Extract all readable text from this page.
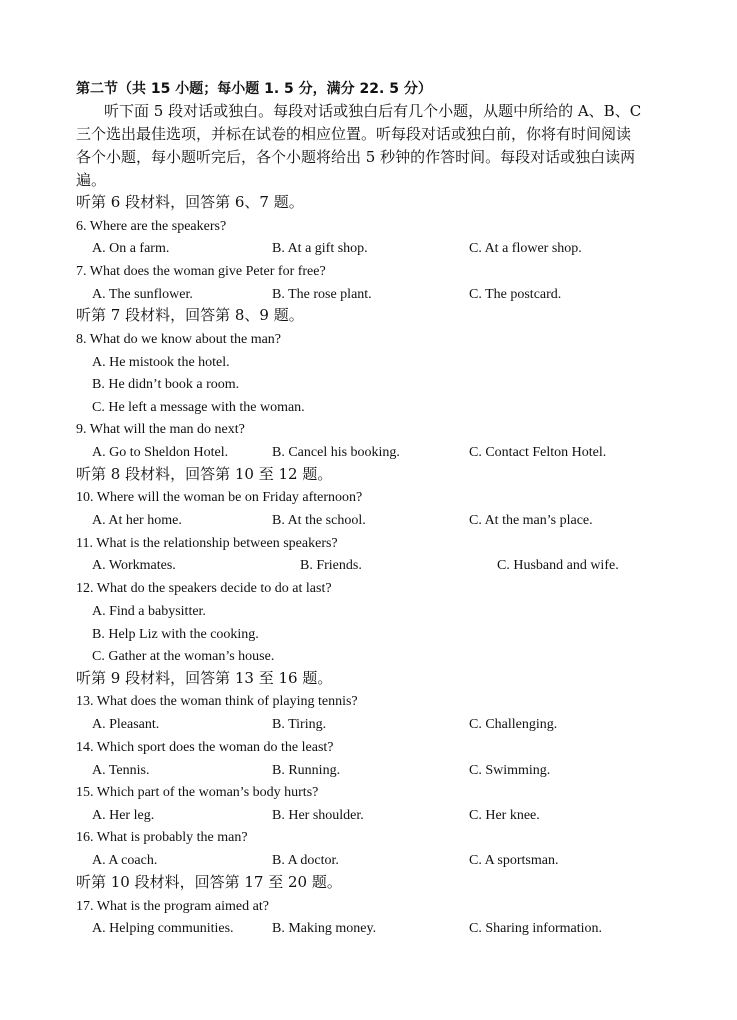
第二节（共 15 小题；每小题 1. 5 分，满分 22. 5 分）
听下面 5 段对话或独白。每段对话或独白后有几个小题，从题中所给的 A、B、C
三个选出最佳选项，并标在试卷的相应位置。听每段对话或独白前，你将有时间阅读
各个小题，每小题听完后，各个小题将给出 5 秒钟的作答时间。每段对话或独白读两
遍。
听第 6 段材料，回答第 6、7 题。
6. Where are the speakers?
A. On a farm.	B. At a gift shop.	C. At a flower shop.
7. What does the woman give Peter for free?
A. The sunflower.	B. The rose plant.	C. The postcard.
听第 7 段材料，回答第 8、9 题。
8. What do we know about the man?
A. He mistook the hotel.
B. He didn’t book a room.
C. He left a message with the woman.
9. What will the man do next?
A. Go to Sheldon Hotel.	B. Cancel his booking.	C. Contact Felton Hotel.
听第 8 段材料，回答第 10 至 12 题。
10. Where will the woman be on Friday afternoon?
A. At her home.	B. At the school.	C. At the man’s place.
11. What is the relationship between speakers?
A. Workmates.	B. Friends.	C. Husband and wife.
12. What do the speakers decide to do at last?
A. Find a babysitter.
B. Help Liz with the cooking.
C. Gather at the woman’s house.
听第 9 段材料，回答第 13 至 16 题。
13. What does the woman think of playing tennis?
A. Pleasant.	B. Tiring.	C. Challenging.
14. Which sport does the woman do the least?
A. Tennis.	B. Running.	C. Swimming.
15. Which part of the woman’s body hurts?
A. Her leg.	B. Her shoulder.	C. Her knee.
16. What is probably the man?
A. A coach.	B. A doctor.	C. A sportsman.
听第 10 段材料，回答第 17 至 20 题。
17. What is the program aimed at?
A. Helping communities.	B. Making money.	C. Sharing information.
